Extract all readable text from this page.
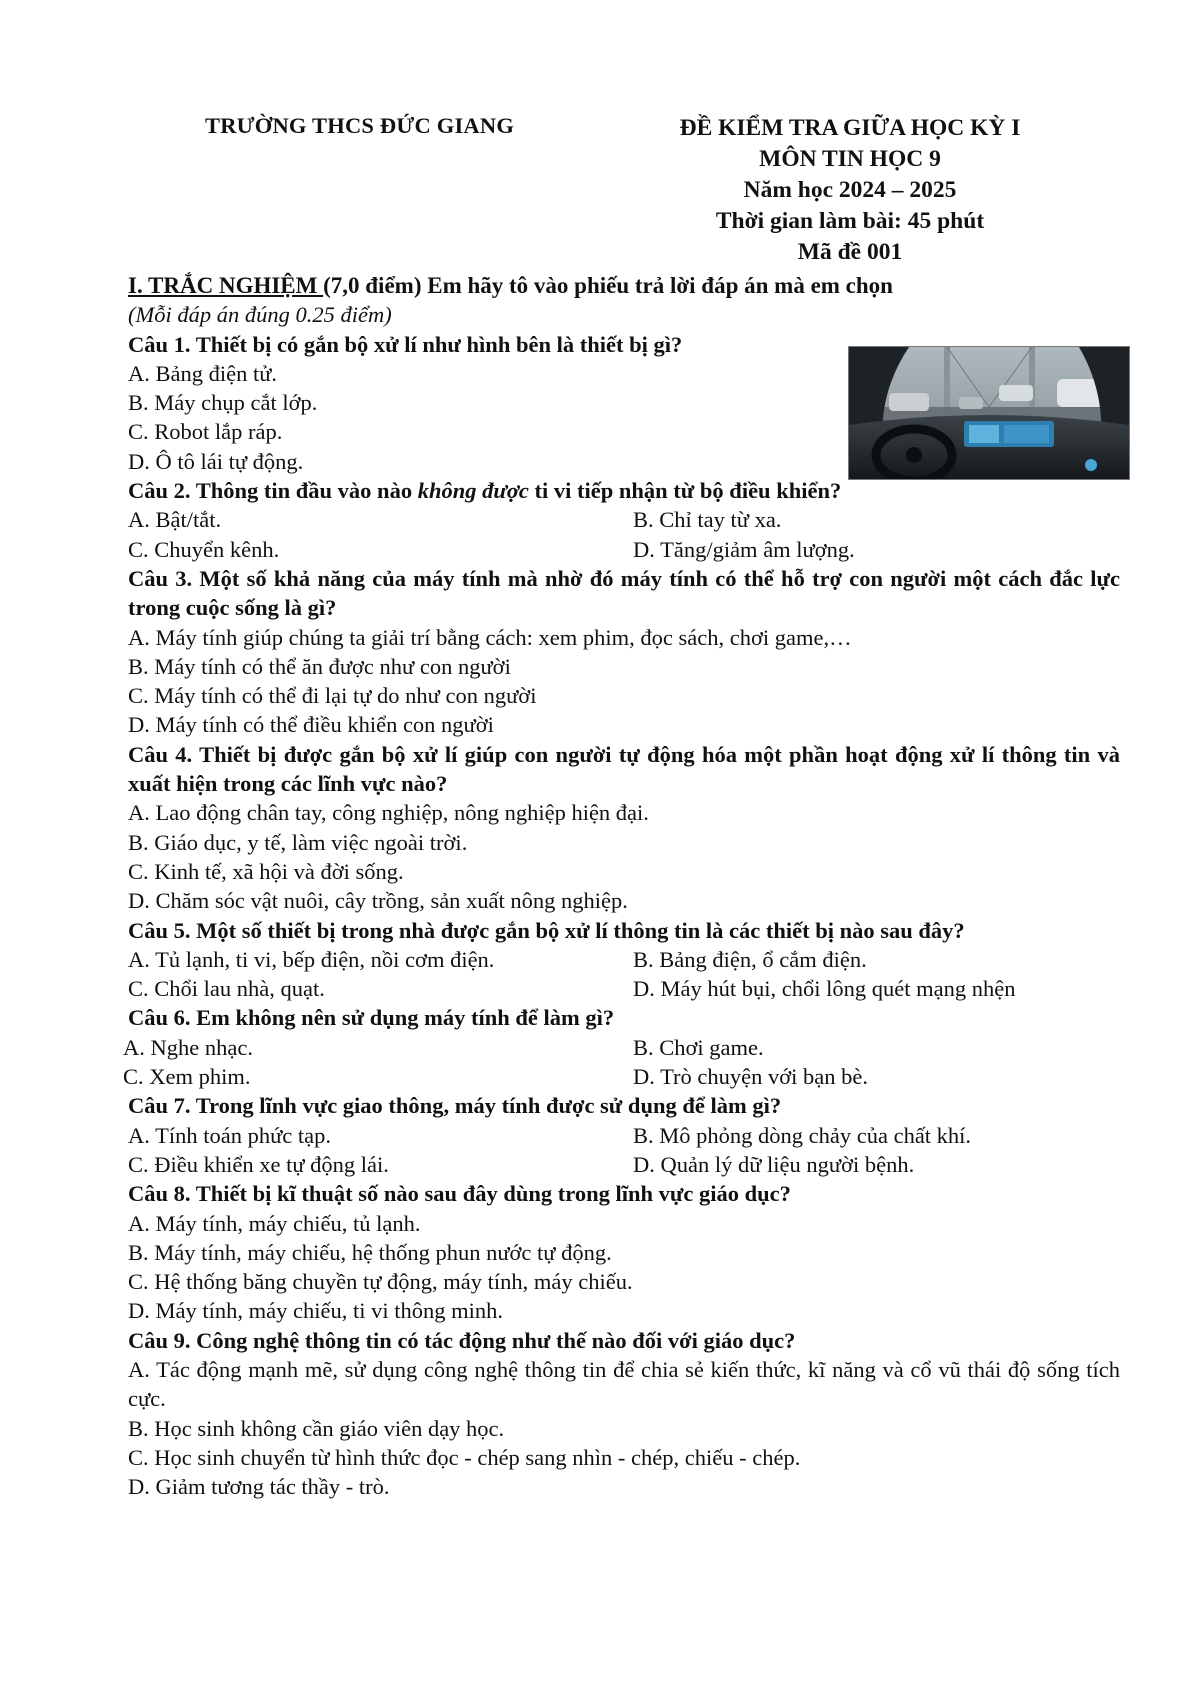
TRƯỜNG THCS ĐỨC GIANG	ĐỀ KIỂM TRA GIỮA HỌC KỲ I
MÔN TIN HỌC 9
Năm học 2024 – 2025
Thời gian làm bài: 45 phút
Mã đề 001
I. TRẮC NGHIỆM (7,0 điểm) Em hãy tô vào phiếu trả lời đáp án mà em chọn
(Mỗi đáp án đúng 0.25 điểm)
Câu 1. Thiết bị có gắn bộ xử lí như hình bên là thiết bị gì?
A. Bảng điện tử.
B. Máy chụp cắt lớp.
C. Robot lắp ráp.
D. Ô tô lái tự động.
Câu 2. Thông tin đầu vào nào không được ti vi tiếp nhận từ bộ điều khiển?
A. Bật/tắt.	B. Chỉ tay từ xa.
C. Chuyển kênh.	D. Tăng/giảm âm lượng.
Câu 3. Một số khả năng của máy tính mà nhờ đó máy tính có thể hỗ trợ con người một cách đắc lực trong cuộc sống là gì?
A. Máy tính giúp chúng ta giải trí bằng cách: xem phim, đọc sách, chơi game,…
B. Máy tính có thể ăn được như con người
C. Máy tính có thể đi lại tự do như con người
D. Máy tính có thể điều khiển con người
Câu 4. Thiết bị được gắn bộ xử lí giúp con người tự động hóa một phần hoạt động xử lí thông tin và xuất hiện trong các lĩnh vực nào?
A. Lao động chân tay, công nghiệp, nông nghiệp hiện đại.
B. Giáo dục, y tế, làm việc ngoài trời.
C. Kinh tế, xã hội và đời sống.
D. Chăm sóc vật nuôi, cây trồng, sản xuất nông nghiệp.
Câu 5. Một số thiết bị trong nhà được gắn bộ xử lí thông tin là các thiết bị nào sau đây?
A. Tủ lạnh, ti vi, bếp điện, nồi cơm điện.	B. Bảng điện, ổ cắm điện.
C. Chổi lau nhà, quạt.	D. Máy hút bụi, chổi lông quét mạng nhện
Câu 6. Em không nên sử dụng máy tính để làm gì?
A. Nghe nhạc.	B. Chơi game.
C. Xem phim.	D. Trò chuyện với bạn bè.
Câu 7. Trong lĩnh vực giao thông, máy tính được sử dụng để làm gì?
A. Tính toán phức tạp.	B. Mô phỏng dòng chảy của chất khí.
C. Điều khiển xe tự động lái.	D. Quản lý dữ liệu người bệnh.
Câu 8. Thiết bị kĩ thuật số nào sau đây dùng trong lĩnh vực giáo dục?
A. Máy tính, máy chiếu, tủ lạnh.
B. Máy tính, máy chiếu, hệ thống phun nước tự động.
C. Hệ thống băng chuyền tự động, máy tính, máy chiếu.
D. Máy tính, máy chiếu, ti vi thông minh.
Câu 9. Công nghệ thông tin có tác động như thế nào đối với giáo dục?
A. Tác động mạnh mẽ, sử dụng công nghệ thông tin để chia sẻ kiến thức, kĩ năng và cổ vũ thái độ sống tích cực.
B. Học sinh không cần giáo viên dạy học.
C. Học sinh chuyển từ hình thức đọc - chép sang nhìn - chép, chiếu - chép.
D. Giảm tương tác thầy - trò.
